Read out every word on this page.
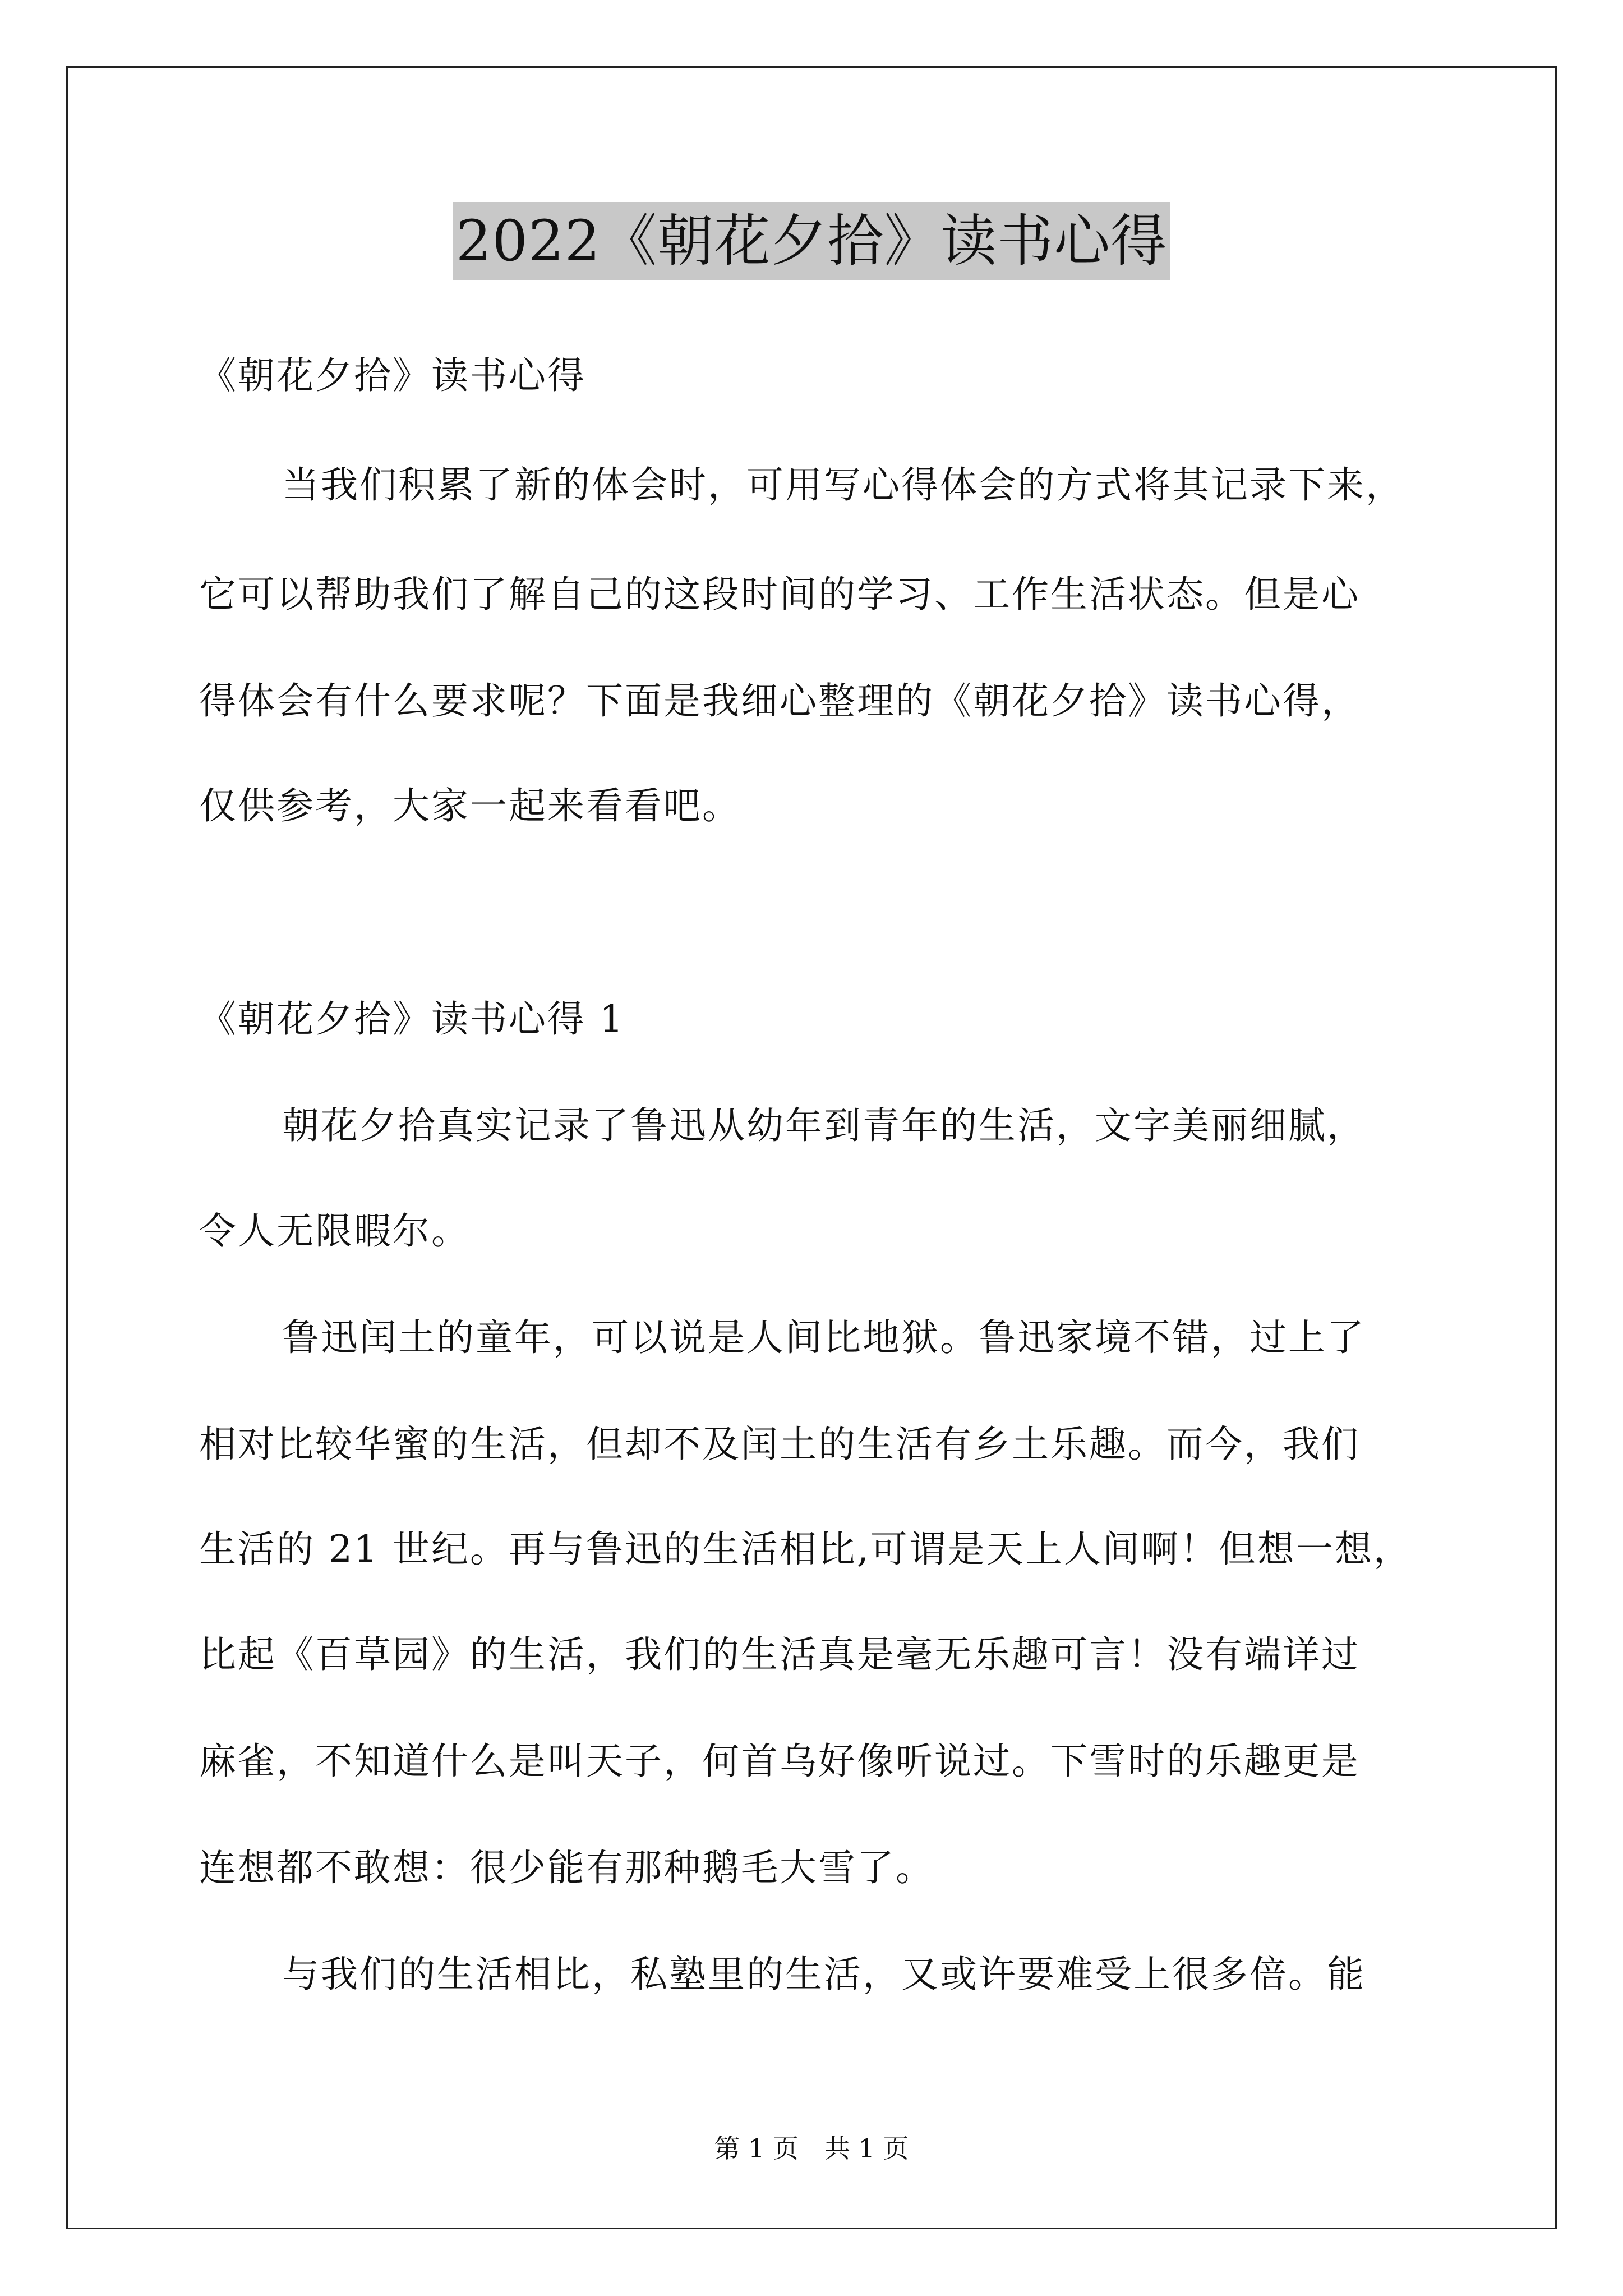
2022《朝花夕拾》读书心得
《朝花夕拾》读书心得
当我们积累了新的体会时，可用写心得体会的方式将其记录下来，
它可以帮助我们了解自己的这段时间的学习、工作生活状态。但是心
得体会有什么要求呢？下面是我细心整理的《朝花夕拾》读书心得，
仅供参考，大家一起来看看吧。
《朝花夕拾》读书心得 1
朝花夕拾真实记录了鲁迅从幼年到青年的生活，文字美丽细腻，
令人无限暇尔。
鲁迅闰土的童年，可以说是人间比地狱。鲁迅家境不错，过上了
相对比较华蜜的生活，但却不及闰土的生活有乡土乐趣。而今，我们
生活的 21 世纪。再与鲁迅的生活相比,可谓是天上人间啊！但想一想，
比起《百草园》的生活，我们的生活真是毫无乐趣可言！没有端详过
麻雀，不知道什么是叫天子，何首乌好像听说过。下雪时的乐趣更是
连想都不敢想：很少能有那种鹅毛大雪了。
与我们的生活相比，私塾里的生活，又或许要难受上很多倍。能
第 1 页　共 1 页
